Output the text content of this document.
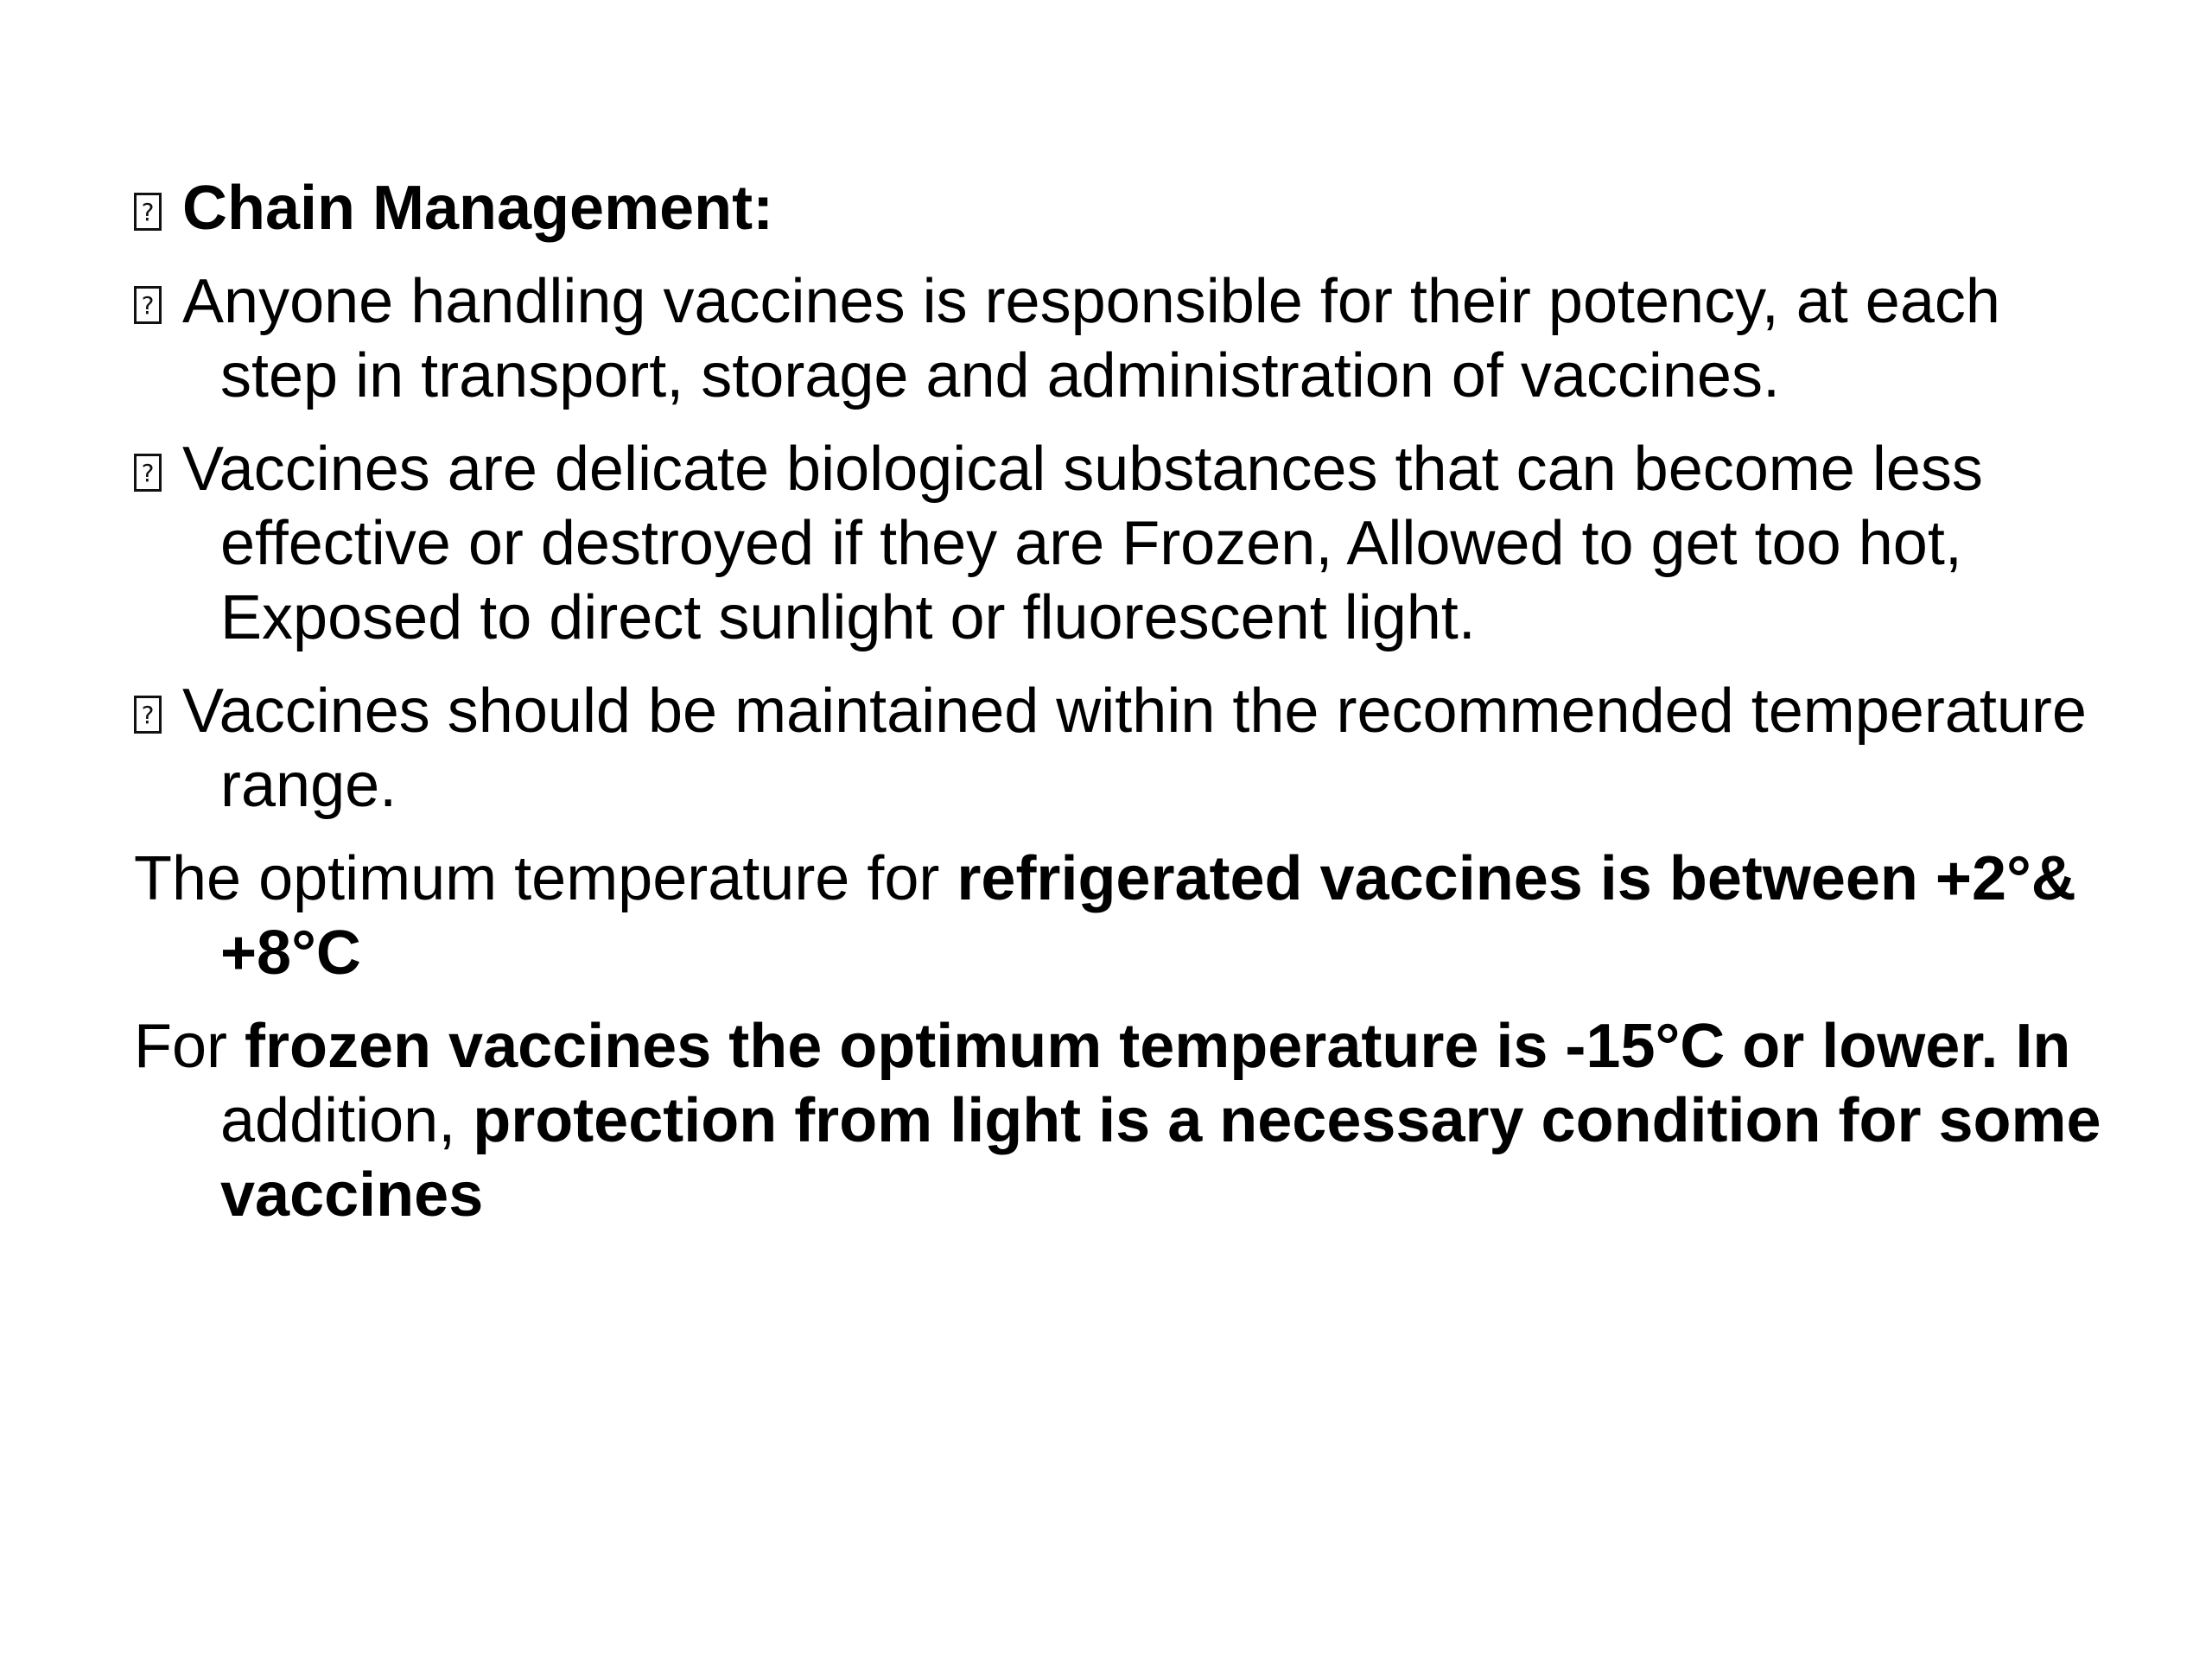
?Chain Management:

?Anyone handling vaccines is responsible for their potency, at each step in transport, storage and administration of vaccines.

?Vaccines are delicate biological substances that can become less effective or destroyed if they are Frozen, Allowed to get too hot, Exposed to direct sunlight or fluorescent light.

?Vaccines should be maintained within the recommended temperature range.

The optimum temperature for refrigerated vaccines is between +2°& +8°C

For frozen vaccines the optimum temperature is -15°C or lower. In addition, protection from light is a necessary condition for some vaccines
